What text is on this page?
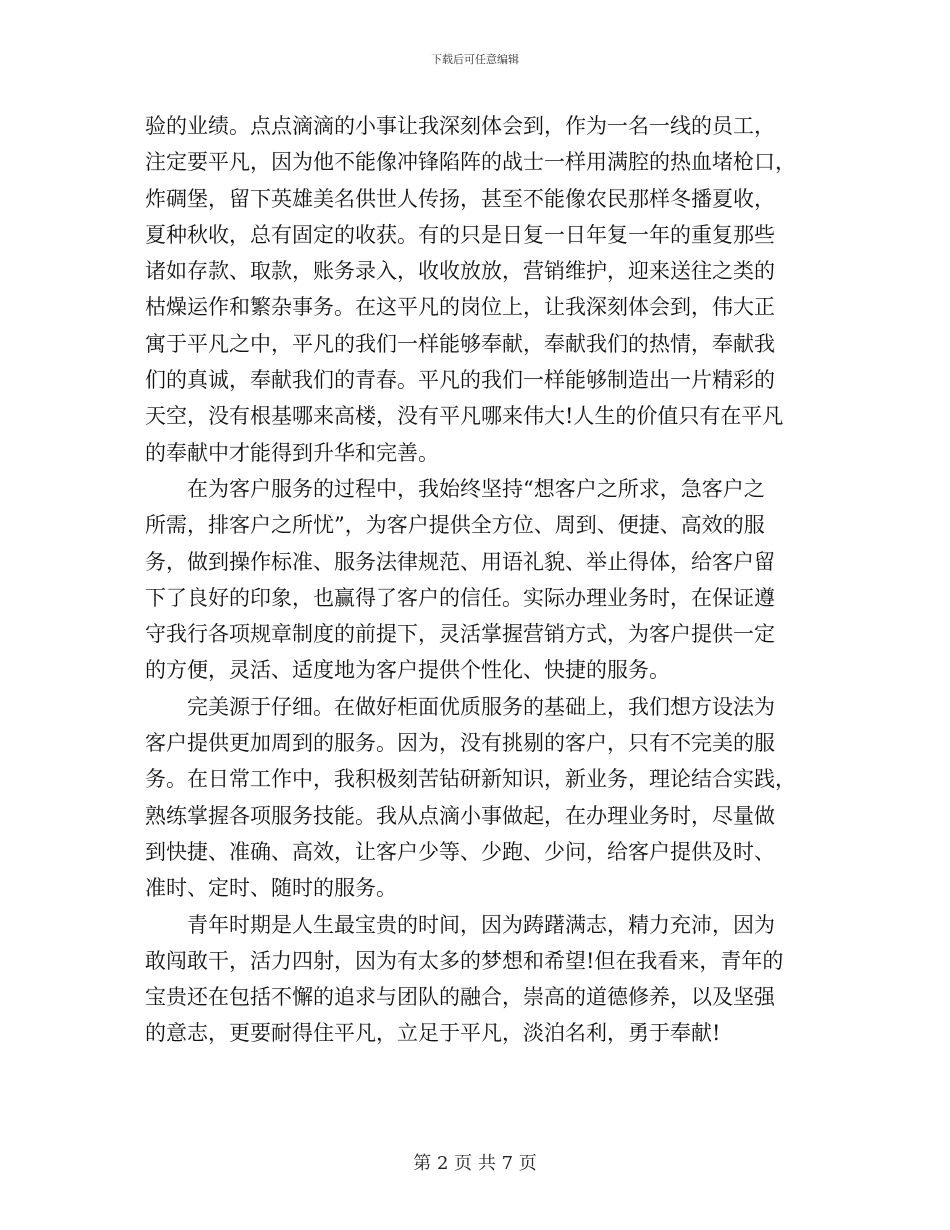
下载后可任意编辑

验的业绩。点点滴滴的小事让我深刻体会到，作为一名一线的员工，
注定要平凡，因为他不能像冲锋陷阵的战士一样用满腔的热血堵枪口，
炸碉堡，留下英雄美名供世人传扬，甚至不能像农民那样冬播夏收，
夏种秋收，总有固定的收获。有的只是日复一日年复一年的重复那些
诸如存款、取款，账务录入，收收放放，营销维护，迎来送往之类的
枯燥运作和繁杂事务。在这平凡的岗位上，让我深刻体会到，伟大正
寓于平凡之中，平凡的我们一样能够奉献，奉献我们的热情，奉献我
们的真诚，奉献我们的青春。平凡的我们一样能够制造出一片精彩的
天空，没有根基哪来高楼，没有平凡哪来伟大!人生的价值只有在平凡
的奉献中才能得到升华和完善。

在为客户服务的过程中，我始终坚持“想客户之所求，急客户之
所需，排客户之所忧”，为客户提供全方位、周到、便捷、高效的服
务，做到操作标准、服务法律规范、用语礼貌、举止得体，给客户留
下了良好的印象，也赢得了客户的信任。实际办理业务时，在保证遵
守我行各项规章制度的前提下，灵活掌握营销方式，为客户提供一定
的方便，灵活、适度地为客户提供个性化、快捷的服务。

完美源于仔细。在做好柜面优质服务的基础上，我们想方设法为
客户提供更加周到的服务。因为，没有挑剔的客户，只有不完美的服
务。在日常工作中，我积极刻苦钻研新知识，新业务，理论结合实践，
熟练掌握各项服务技能。我从点滴小事做起，在办理业务时，尽量做
到快捷、准确、高效，让客户少等、少跑、少问，给客户提供及时、
准时、定时、随时的服务。

青年时期是人生最宝贵的时间，因为踌躇满志，精力充沛，因为
敢闯敢干，活力四射，因为有太多的梦想和希望!但在我看来，青年的
宝贵还在包括不懈的追求与团队的融合，崇高的道德修养，以及坚强
的意志，更要耐得住平凡，立足于平凡，淡泊名利，勇于奉献!

第 2 页 共 7 页
